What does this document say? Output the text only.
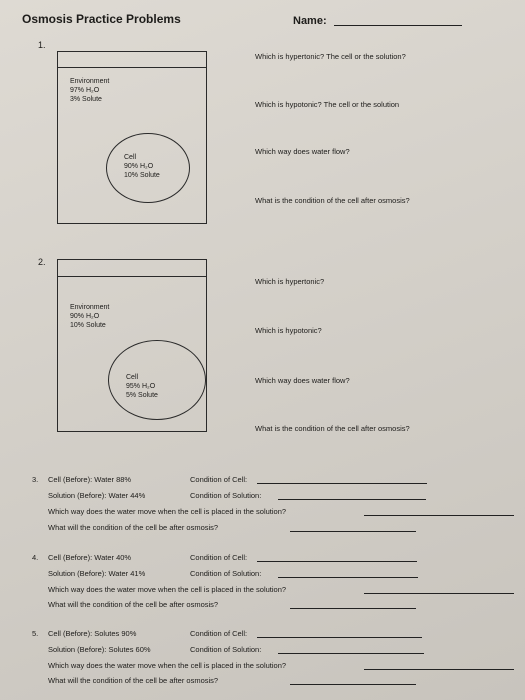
Osmosis Practice Problems	Name:
1.
Environment
97% H₂O
3% Solute
Cell
90% H₂O
10% Solute
Which is hypertonic? The cell or the solution?
Which is hypotonic? The cell or the solution
Which way does water flow?
What is the condition of the cell after osmosis?
2.
Environment
90% H₂O
10% Solute
Cell
95% H₂O
5% Solute
Which is hypertonic?
Which is hypotonic?
Which way does water flow?
What is the condition of the cell after osmosis?
3. Cell (Before): Water 88%	Condition of Cell:
Solution (Before): Water 44%	Condition of Solution:
Which way does the water move when the cell is placed in the solution?
What will the condition of the cell be after osmosis?
4. Cell (Before): Water 40%	Condition of Cell:
Solution (Before): Water 41%	Condition of Solution:
Which way does the water move when the cell is placed in the solution?
What will the condition of the cell be after osmosis?
5. Cell (Before): Solutes 90%	Condition of Cell:
Solution (Before): Solutes 60%	Condition of Solution:
Which way does the water move when the cell is placed in the solution?
What will the condition of the cell be after osmosis?
